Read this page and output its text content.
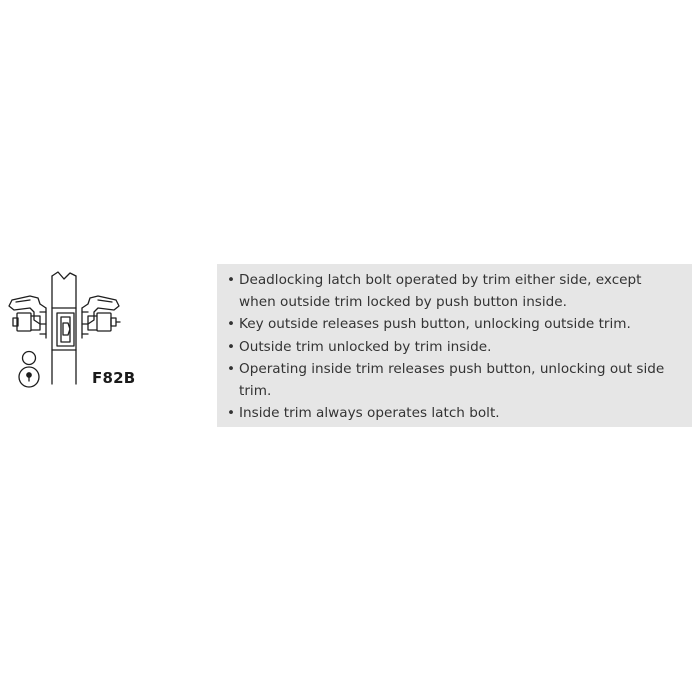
F82B
• Deadlocking latch bolt operated by trim either side, except when outside trim locked by push button inside.
• Key outside releases push button, unlocking outside trim.
• Outside trim unlocked by trim inside.
• Operating inside trim releases push button, unlocking out side trim.
• Inside trim always operates latch bolt.
